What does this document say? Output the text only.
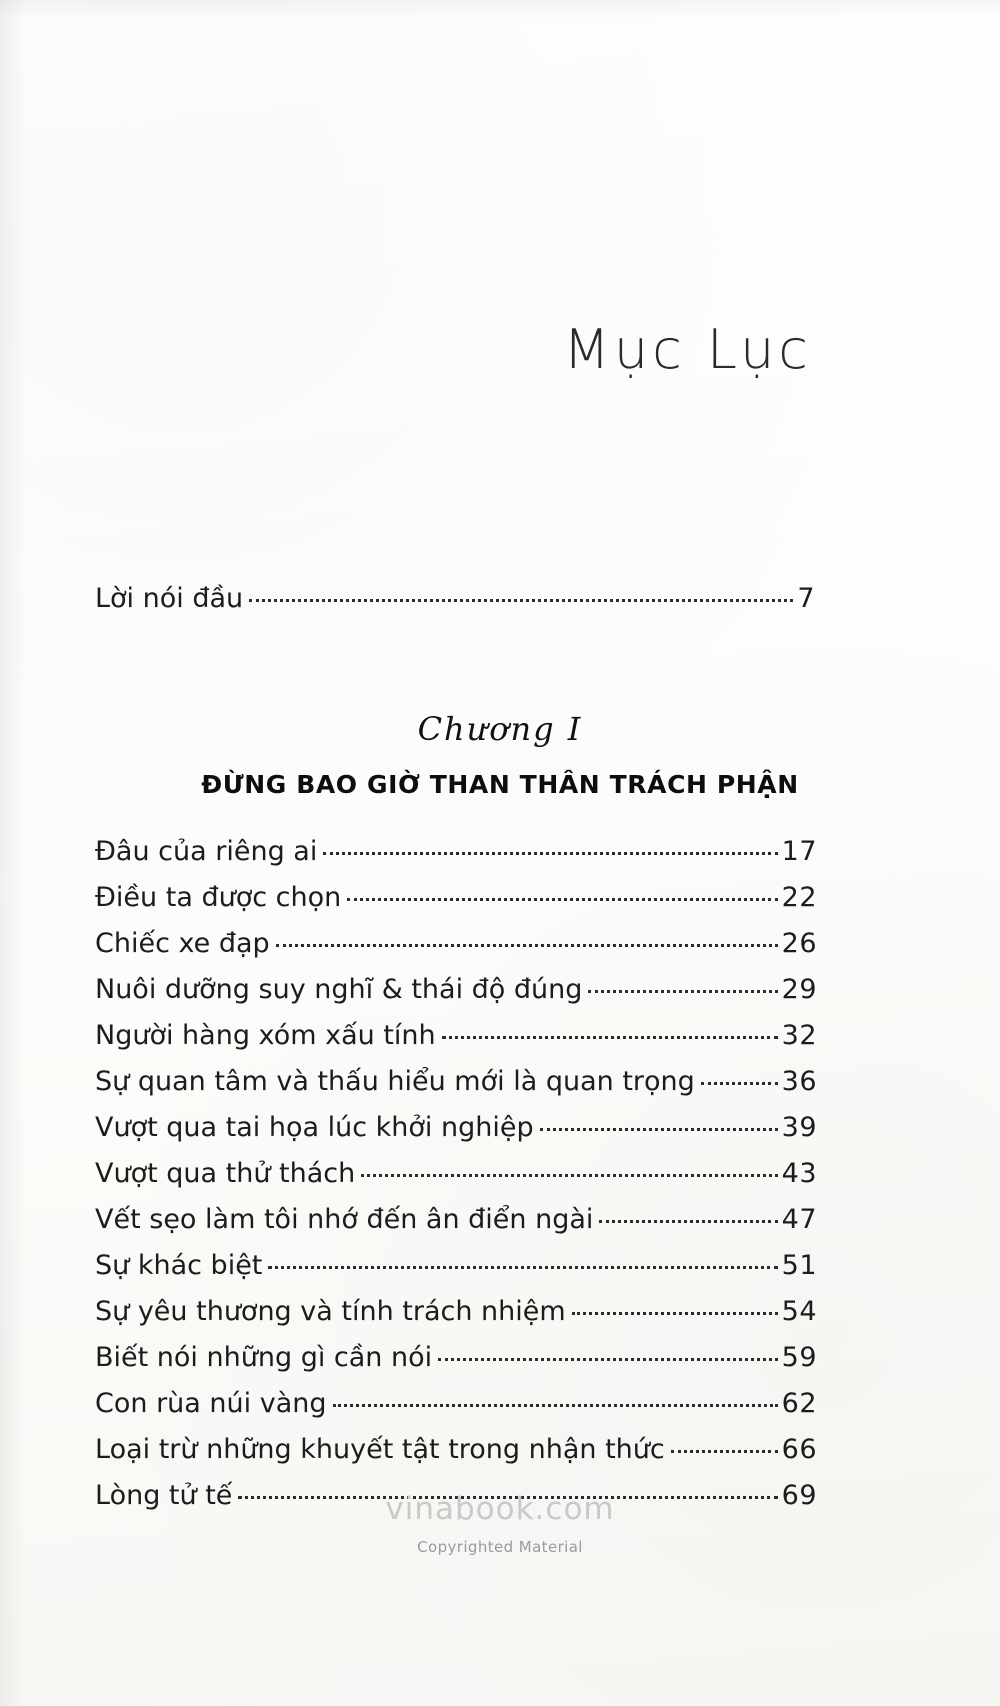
Mục Lục
Lời nói đầu	7
Chương I
ĐỪNG BAO GIỜ THAN THÂN TRÁCH PHẬN
Đâu của riêng ai	17
Điều ta được chọn	22
Chiếc xe đạp	26
Nuôi dưỡng suy nghĩ & thái độ đúng	29
Người hàng xóm xấu tính	32
Sự quan tâm và thấu hiểu mới là quan trọng	36
Vượt qua tai họa lúc khởi nghiệp	39
Vượt qua thử thách	43
Vết sẹo làm tôi nhớ đến ân điển ngài	47
Sự khác biệt	51
Sự yêu thương và tính trách nhiệm	54
Biết nói những gì cần nói	59
Con rùa núi vàng	62
Loại trừ những khuyết tật trong nhận thức	66
Lòng tử tế	69
vinabook.com
Copyrighted Material
